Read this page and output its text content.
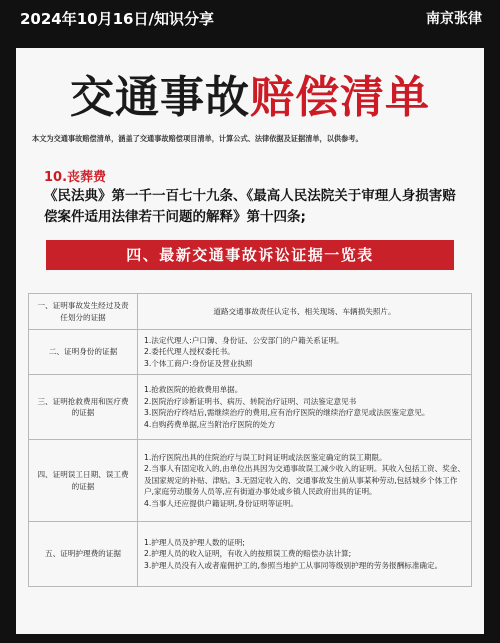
2024年10月16日/知识分享	南京张律
交通事故赔偿清单
本文为交通事故赔偿清单，涵盖了交通事故赔偿项目清单，计算公式、法律依据及证据清单，以供参考。
10.丧葬费
《民法典》第一千一百七十九条、《最高人民法院关于审理人身损害赔偿案件适用法律若干问题的解释》第十四条;
四、最新交通事故诉讼证据一览表
一、证明事故发生经过及责任划分的证据	道路交通事故责任认定书、相关现场、车辆损失照片。

二、证明身份的证据	1.法定代理人:户口簿、身份证、公安部门的户籍关系证明。
2.委托代理人授权委托书。
3.个体工商户:身份证及营业执照

三、证明抢救费用和医疗费的证据	1.抢救医院的抢救费用单据。
2.医院治疗诊断证明书、病历、转院治疗证明、司法鉴定意见书
3.医院治疗终结后,需继续治疗的费用,应有治疗医院的继续治疗意见或法医鉴定意见。
4.自购药费单据,应当附治疗医院的处方

四、证明误工日期、误工费的证据	1.治疗医院出具的住院治疗与误工时间证明或法医鉴定确定的误工期限。
2.当事人有固定收入的,由单位出具因为交通事故误工减少收入的证明。其收入包括工资、奖金、及国家规定的补贴、津贴。3.无固定收入的、交通事故发生前从事某种劳动,包括城乡个体工作户,家庭劳动服务人员等,应有街道办事处或乡镇人民政府出具的证明。
4.当事人还应提供户籍证明,身份证明等证明。

五、证明护理费的证据	1.护理人员及护理人数的证明;
2.护理人员的收入证明，有收入的按照误工费的赔偿办法计算;
3.护理人员没有入或者雇佣护工的,参照当地护工从事同等级别护理的劳务报酬标准确定。
